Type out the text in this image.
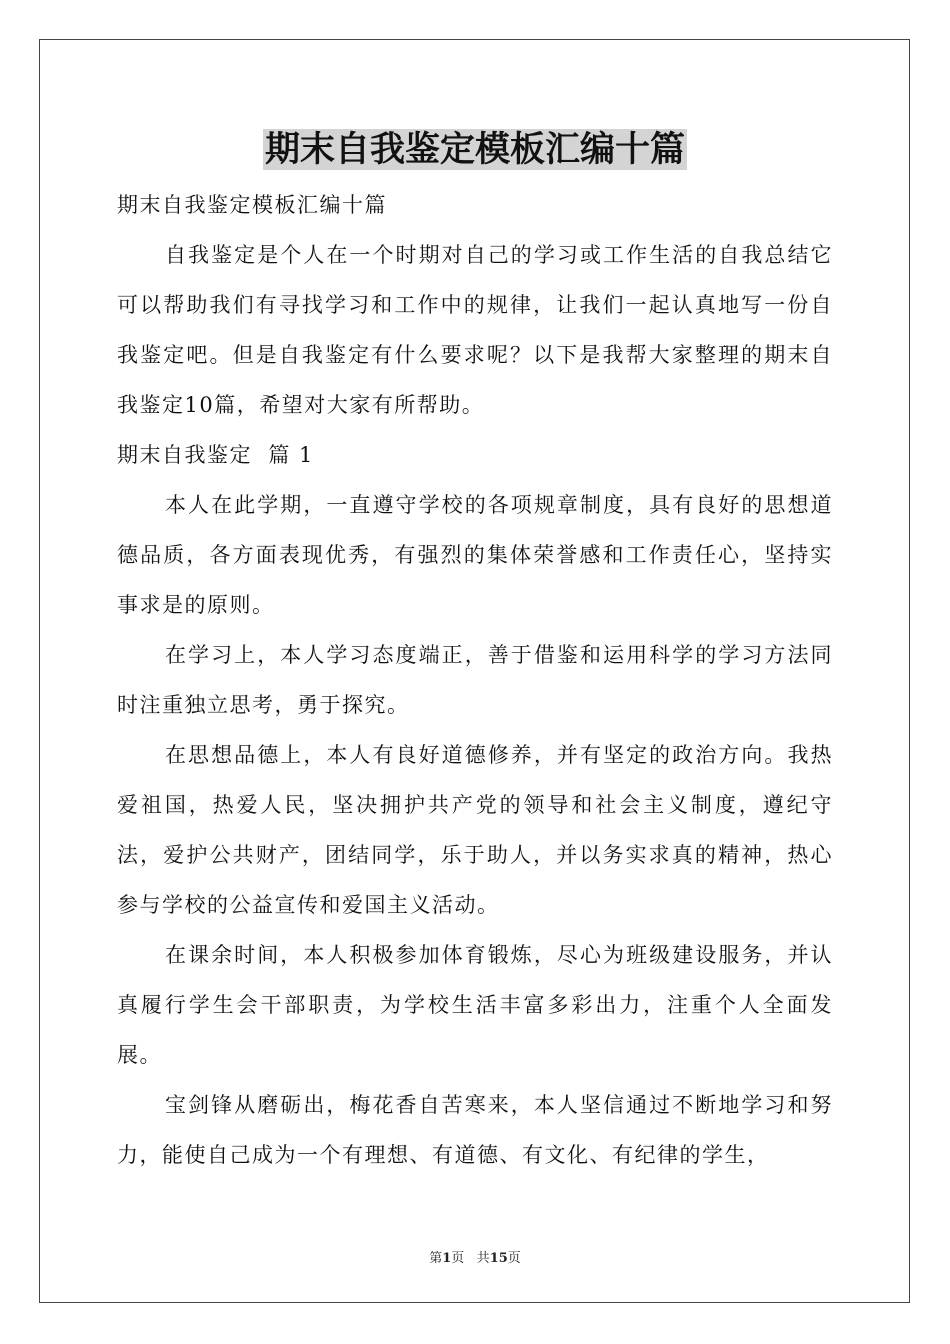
期末自我鉴定模板汇编十篇

期末自我鉴定模板汇编十篇

自我鉴定是个人在一个时期对自己的学习或工作生活的自我总结它可以帮助我们有寻找学习和工作中的规律，让我们一起认真地写一份自我鉴定吧。但是自我鉴定有什么要求呢？以下是我帮大家整理的期末自我鉴定10篇，希望对大家有所帮助。

期末自我鉴定  篇 1

本人在此学期，一直遵守学校的各项规章制度，具有良好的思想道德品质，各方面表现优秀，有强烈的集体荣誉感和工作责任心，坚持实事求是的原则。

在学习上，本人学习态度端正，善于借鉴和运用科学的学习方法同时注重独立思考，勇于探究。

在思想品德上，本人有良好道德修养，并有坚定的政治方向。我热爱祖国，热爱人民，坚决拥护共产党的领导和社会主义制度，遵纪守法，爱护公共财产，团结同学，乐于助人，并以务实求真的精神，热心参与学校的公益宣传和爱国主义活动。

在课余时间，本人积极参加体育锻炼，尽心为班级建设服务，并认真履行学生会干部职责，为学校生活丰富多彩出力，注重个人全面发展。

宝剑锋从磨砺出，梅花香自苦寒来，本人坚信通过不断地学习和努力，能使自己成为一个有理想、有道德、有文化、有纪律的学生，

第1页 共15页
